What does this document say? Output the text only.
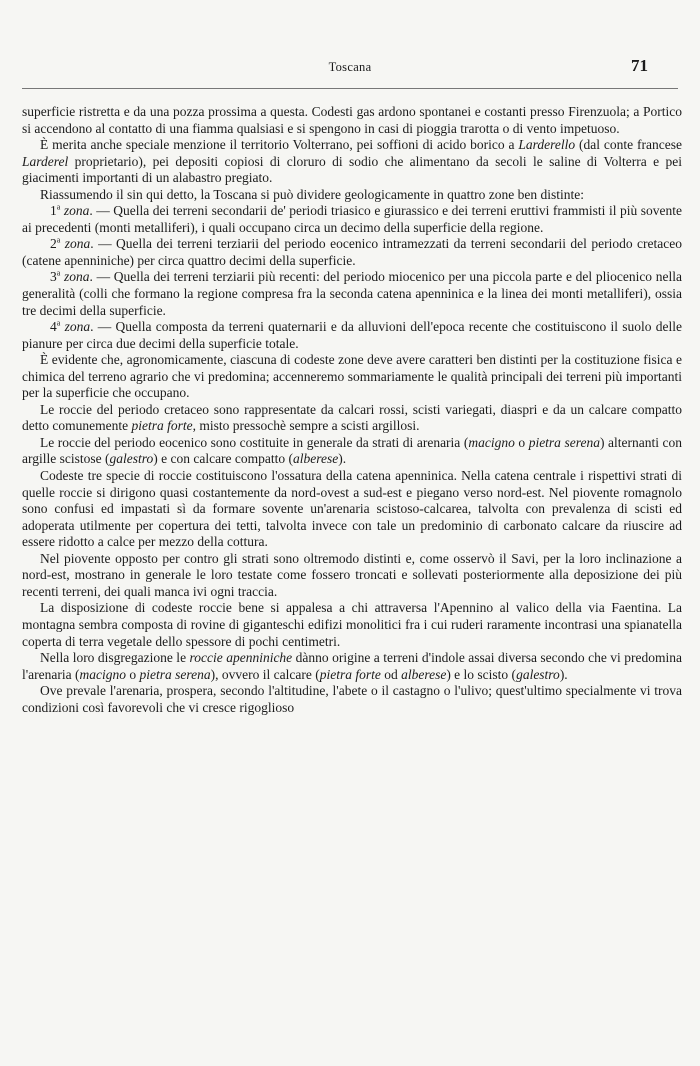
Toscana	71

superficie ristretta e da una pozza prossima a questa. Codesti gas ardono spontanei e costanti presso Firenzuola; a Portico si accendono al contatto di una fiamma qualsiasi e si spengono in casi di pioggia trarotta o di vento impetuoso.

È merita anche speciale menzione il territorio Volterrano, pei soffioni di acido borico a Larderello (dal conte francese Larderel proprietario), pei depositi copiosi di cloruro di sodio che alimentano da secoli le saline di Volterra e pei giacimenti importanti di un alabastro pregiato.

Riassumendo il sin qui detto, la Toscana si può dividere geologicamente in quattro zone ben distinte:

1$^a$ zona. — Quella dei terreni secondarii de' periodi triasico e giurassico e dei terreni eruttivi frammisti il più sovente ai precedenti (monti metalliferi), i quali occupano circa un decimo della superficie della regione.

2$^a$ zona. — Quella dei terreni terziarii del periodo eocenico intramezzati da terreni secondarii del periodo cretaceo (catene apenniniche) per circa quattro decimi della superficie.

3$^a$ zona. — Quella dei terreni terziarii più recenti: del periodo miocenico per una piccola parte e del pliocenico nella generalità (colli che formano la regione compresa fra la seconda catena apenninica e la linea dei monti metalliferi), ossia tre decimi della superficie.

4$^a$ zona. — Quella composta da terreni quaternarii e da alluvioni dell'epoca recente che costituiscono il suolo delle pianure per circa due decimi della superficie totale.

È evidente che, agronomicamente, ciascuna di codeste zone deve avere caratteri ben distinti per la costituzione fisica e chimica del terreno agrario che vi predomina; accenneremo sommariamente le qualità principali dei terreni più importanti per la superficie che occupano.

Le roccie del periodo cretaceo sono rappresentate da calcari rossi, scisti variegati, diaspri e da un calcare compatto detto comunemente pietra forte, misto pressochè sempre a scisti argillosi.

Le roccie del periodo eocenico sono costituite in generale da strati di arenaria (macigno o pietra serena) alternanti con argille scistose (galestro) e con calcare compatto (alberese).

Codeste tre specie di roccie costituiscono l'ossatura della catena apenninica. Nella catena centrale i rispettivi strati di quelle roccie si dirigono quasi costantemente da nord-ovest a sud-est e piegano verso nord-est. Nel piovente romagnolo sono confusi ed impastati sì da formare sovente un'arenaria scistoso-calcarea, talvolta con prevalenza di scisti ed adoperata utilmente per copertura dei tetti, talvolta invece con tale un predominio di carbonato calcare da riuscire ad essere ridotto a calce per mezzo della cottura.

Nel piovente opposto per contro gli strati sono oltremodo distinti e, come osservò il Savi, per la loro inclinazione a nord-est, mostrano in generale le loro testate come fossero troncati e sollevati posteriormente alla deposizione dei più recenti terreni, dei quali manca ivi ogni traccia.

La disposizione di codeste roccie bene si appalesa a chi attraversa l'Apennino al valico della via Faentina. La montagna sembra composta di rovine di giganteschi edifizi monolitici fra i cui ruderi raramente incontrasi una spianatella coperta di terra vegetale dello spessore di pochi centimetri.

Nella loro disgregazione le roccie apenniniche dànno origine a terreni d'indole assai diversa secondo che vi predomina l'arenaria (macigno o pietra serena), ovvero il calcare (pietra forte od alberese) e lo scisto (galestro).

Ove prevale l'arenaria, prospera, secondo l'altitudine, l'abete o il castagno o l'ulivo; quest'ultimo specialmente vi trova condizioni così favorevoli che vi cresce rigoglioso
